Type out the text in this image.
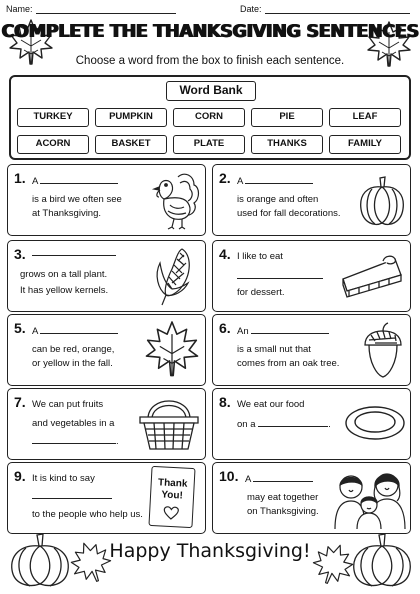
Name:	Date:
COMPLETE THE THANKSGIVING SENTENCES
Choose a word from the box to finish each sentence.
Word Bank
TURKEY	PUMPKIN	CORN	PIE	LEAF
ACORN	BASKET	PLATE	THANKS	FAMILY
1. A
is a bird we often see
at Thanksgiving.
2. A
is orange and often
used for fall decorations.
3.
grows on a tall plant.
It has yellow kernels.
4. I like to eat
for dessert.
5. A
can be red, orange,
or yellow in the fall.
6. An
is a small nut that
comes from an oak tree.
7. We can put fruits
and vegetables in a
.
8. We eat our food
on a	.
9. It is kind to say
to the people who help us.
Thank
You!
10. A
may eat together
on Thanksgiving.
Happy Thanksgiving!
